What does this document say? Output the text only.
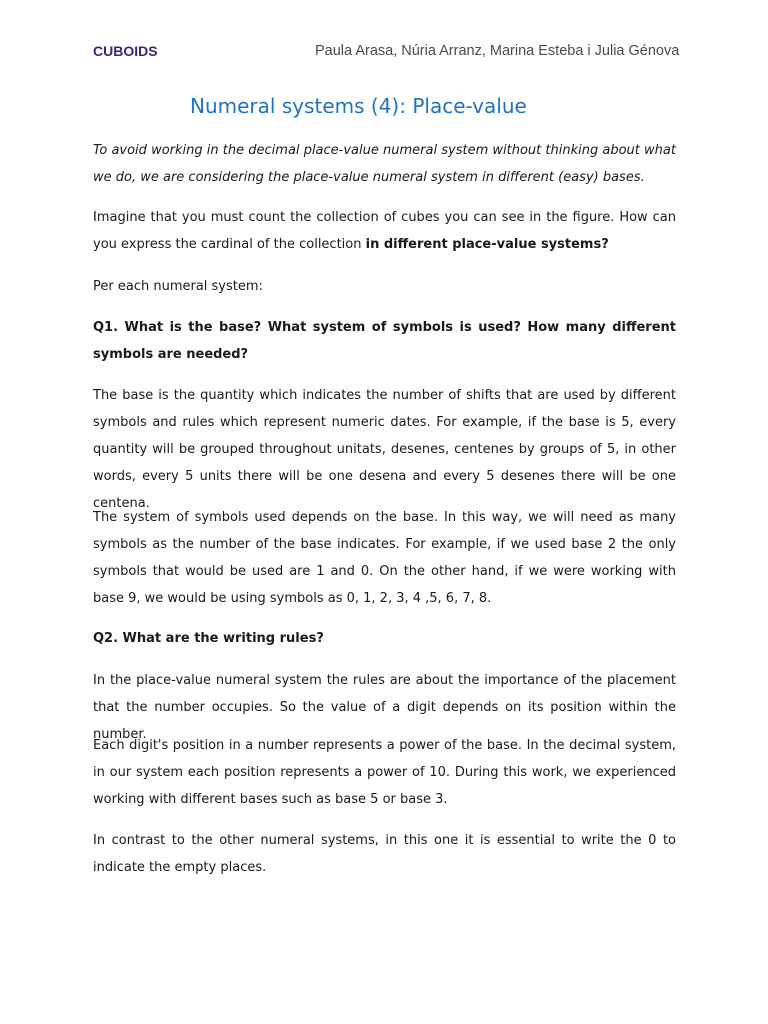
CUBOIDS	Paula Arasa, Núria Arranz, Marina Esteba i Julia Génova
Numeral systems (4): Place-value

To avoid working in the decimal place-value numeral system without thinking about what we do, we are considering the place-value numeral system in different (easy) bases.

Imagine that you must count the collection of cubes you can see in the figure. How can you express the cardinal of the collection in different place-value systems?

Per each numeral system:

Q1. What is the base? What system of symbols is used? How many different symbols are needed?

The base is the quantity which indicates the number of shifts that are used by different symbols and rules which represent numeric dates. For example, if the base is 5, every quantity will be grouped throughout unitats, desenes, centenes by groups of 5, in other words, every 5 units there will be one desena and every 5 desenes there will be one centena.

The system of symbols used depends on the base. In this way, we will need as many symbols as the number of the base indicates. For example, if we used base 2 the only symbols that would be used are 1 and 0. On the other hand, if we were working with base 9, we would be using symbols as 0, 1, 2, 3, 4 ,5, 6, 7, 8.

Q2. What are the writing rules?

In the place-value numeral system the rules are about the importance of the placement that the number occupies. So the value of a digit depends on its position within the number.

Each digit's position in a number represents a power of the base. In the decimal system, in our system each position represents a power of 10. During this work, we experienced working with different bases such as base 5 or base 3.

In contrast to the other numeral systems, in this one it is essential to write the 0 to indicate the empty places.
